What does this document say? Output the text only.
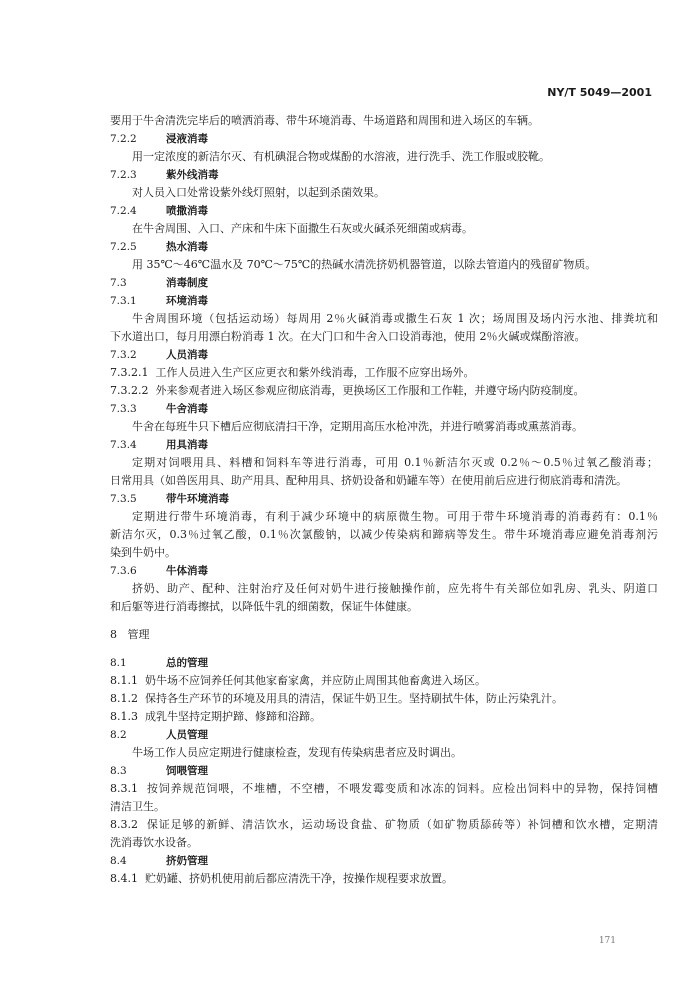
NY/T 5049—2001
要用于牛舍清洗完毕后的喷洒消毒、带牛环境消毒、牛场道路和周围和进入场区的车辆。
7.2.2	浸液消毒
用一定浓度的新洁尔灭、有机碘混合物或煤酚的水溶液，进行洗手、洗工作服或胶靴。
7.2.3	紫外线消毒
对人员入口处常设紫外线灯照射，以起到杀菌效果。
7.2.4	喷撒消毒
在牛舍周围、入口、产床和牛床下面撒生石灰或火碱杀死细菌或病毒。
7.2.5	热水消毒
用 35℃～46℃温水及 70℃～75℃的热碱水清洗挤奶机器管道，以除去管道内的残留矿物质。
7.3	消毒制度
7.3.1	环境消毒
牛舍周围环境（包括运动场）每周用 2％火碱消毒或撒生石灰 1 次；场周围及场内污水池、排粪坑和
下水道出口，每月用漂白粉消毒 1 次。在大门口和牛舍入口设消毒池，使用 2％火碱或煤酚溶液。
7.3.2	人员消毒
7.3.2.1 工作人员进入生产区应更衣和紫外线消毒，工作服不应穿出场外。
7.3.2.2 外来参观者进入场区参观应彻底消毒，更换场区工作服和工作鞋，并遵守场内防疫制度。
7.3.3	牛舍消毒
牛舍在每班牛只下槽后应彻底清扫干净，定期用高压水枪冲洗，并进行喷雾消毒或熏蒸消毒。
7.3.4	用具消毒
定期对饲喂用具、料槽和饲料车等进行消毒，可用 0.1％新洁尔灭或 0.2％～0.5％过氧乙酸消毒；
日常用具（如兽医用具、助产用具、配种用具、挤奶设备和奶罐车等）在使用前后应进行彻底消毒和清洗。
7.3.5	带牛环境消毒
定期进行带牛环境消毒，有利于减少环境中的病原微生物。可用于带牛环境消毒的消毒药有：0.1％
新洁尔灭，0.3％过氧乙酸，0.1％次氯酸钠，以减少传染病和蹄病等发生。带牛环境消毒应避免消毒剂污
染到牛奶中。
7.3.6	牛体消毒
挤奶、助产、配种、注射治疗及任何对奶牛进行接触操作前，应先将牛有关部位如乳房、乳头、阴道口
和后躯等进行消毒擦拭，以降低牛乳的细菌数，保证牛体健康。
8 管理
8.1	总的管理
8.1.1 奶牛场不应饲养任何其他家畜家禽，并应防止周围其他畜禽进入场区。
8.1.2 保持各生产环节的环境及用具的清洁，保证牛奶卫生。坚持刷拭牛体，防止污染乳汁。
8.1.3 成乳牛坚持定期护蹄、修蹄和浴蹄。
8.2	人员管理
牛场工作人员应定期进行健康检查，发现有传染病患者应及时调出。
8.3	饲喂管理
8.3.1 按饲养规范饲喂，不堆槽，不空槽，不喂发霉变质和冰冻的饲料。应检出饲料中的异物，保持饲槽
清洁卫生。
8.3.2 保证足够的新鲜、清洁饮水，运动场设食盐、矿物质（如矿物质舔砖等）补饲槽和饮水槽，定期清
洗消毒饮水设备。
8.4	挤奶管理
8.4.1 贮奶罐、挤奶机使用前后都应清洗干净，按操作规程要求放置。
171
